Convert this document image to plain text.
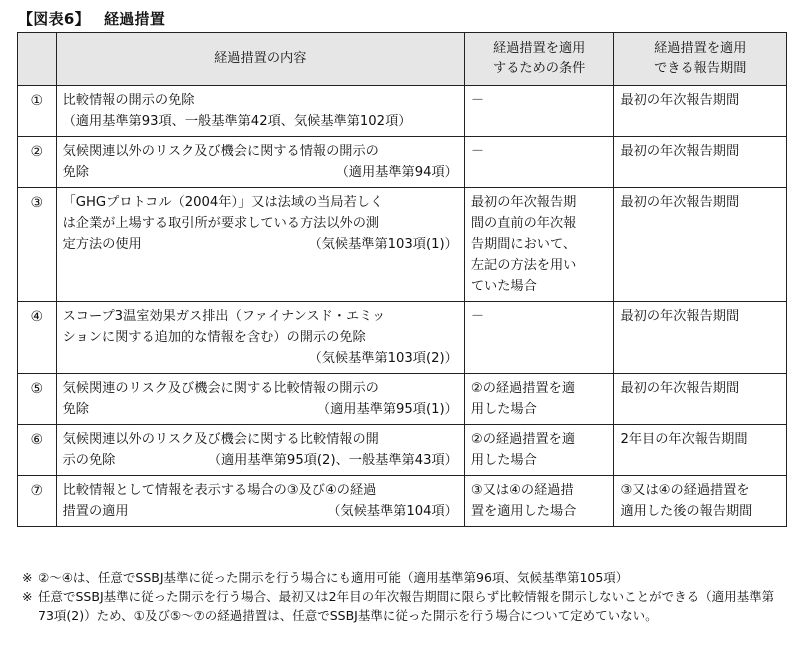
【図表6】 経過措置
	経過措置の内容	経過措置を適用
するための条件	経過措置を適用
できる報告期間

①	比較情報の開示の免除
（適用基準第93項、一般基準第42項、気候基準第102項）	－	最初の年次報告期間

②	気候関連以外のリスク及び機会に関する情報の開示の
免除 （適用基準第94項）	－	最初の年次報告期間

③	「GHGプロトコル（2004年）」又は法域の当局若しく
は企業が上場する取引所が要求している方法以外の測
定方法の使用 （気候基準第103項(1)）	最初の年次報告期
間の直前の年次報
告期間において、
左記の方法を用い
ていた場合	最初の年次報告期間

④	スコープ3温室効果ガス排出（ファイナンスド・エミッ
ションに関する追加的な情報を含む）の開示の免除
（気候基準第103項(2)）	－	最初の年次報告期間

⑤	気候関連のリスク及び機会に関する比較情報の開示の
免除 （適用基準第95項(1)）	②の経過措置を適
用した場合	最初の年次報告期間

⑥	気候関連以外のリスク及び機会に関する比較情報の開
示の免除 （適用基準第95項(2)、一般基準第43項）	②の経過措置を適
用した場合	2年目の年次報告期間

⑦	比較情報として情報を表示する場合の③及び④の経過
措置の適用 （気候基準第104項）	③又は④の経過措
置を適用した場合	③又は④の経過措置を
適用した後の報告期間
※ ②～④は、任意でSSBJ基準に従った開示を行う場合にも適用可能（適用基準第96項、気候基準第105項）
※ 任意でSSBJ基準に従った開示を行う場合、最初又は2年目の年次報告期間に限らず比較情報を開示しないことができる（適用基準第73項(2)）ため、①及び⑤～⑦の経過措置は、任意でSSBJ基準に従った開示を行う場合について定めていない。
